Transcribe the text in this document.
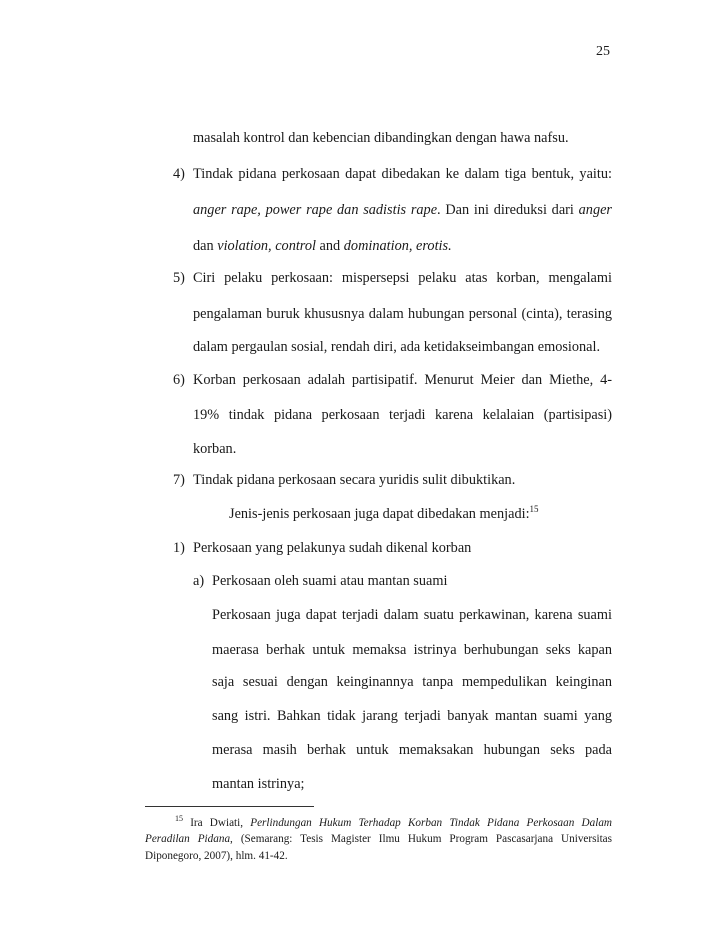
25
masalah kontrol dan kebencian dibandingkan dengan hawa nafsu.
4) Tindak pidana perkosaan dapat dibedakan ke dalam tiga bentuk, yaitu:
anger rape, power rape dan sadistis rape. Dan ini direduksi dari anger
dan violation, control and domination, erotis.
5) Ciri pelaku perkosaan: mispersepsi pelaku atas korban, mengalami
pengalaman buruk khususnya dalam hubungan personal (cinta), terasing
dalam pergaulan sosial, rendah diri, ada ketidakseimbangan emosional.
6) Korban perkosaan adalah partisipatif. Menurut Meier dan Miethe, 4-
19% tindak pidana perkosaan terjadi karena kelalaian (partisipasi)
korban.
7) Tindak pidana perkosaan secara yuridis sulit dibuktikan.
Jenis-jenis perkosaan juga dapat dibedakan menjadi:$^{15}$
1) Perkosaan yang pelakunya sudah dikenal korban
a) Perkosaan oleh suami atau mantan suami
Perkosaan juga dapat terjadi dalam suatu perkawinan, karena suami
maerasa berhak untuk memaksa istrinya berhubungan seks kapan
saja sesuai dengan keinginannya tanpa mempedulikan keinginan
sang istri. Bahkan tidak jarang terjadi banyak mantan suami yang
merasa masih berhak untuk memaksakan hubungan seks pada
mantan istrinya;
$^{15}$ Ira Dwiati, Perlindungan Hukum Terhadap Korban Tindak Pidana Perkosaan Dalam
Peradilan Pidana, (Semarang: Tesis Magister Ilmu Hukum Program Pascasarjana Universitas
Diponegoro, 2007), hlm. 41-42.
